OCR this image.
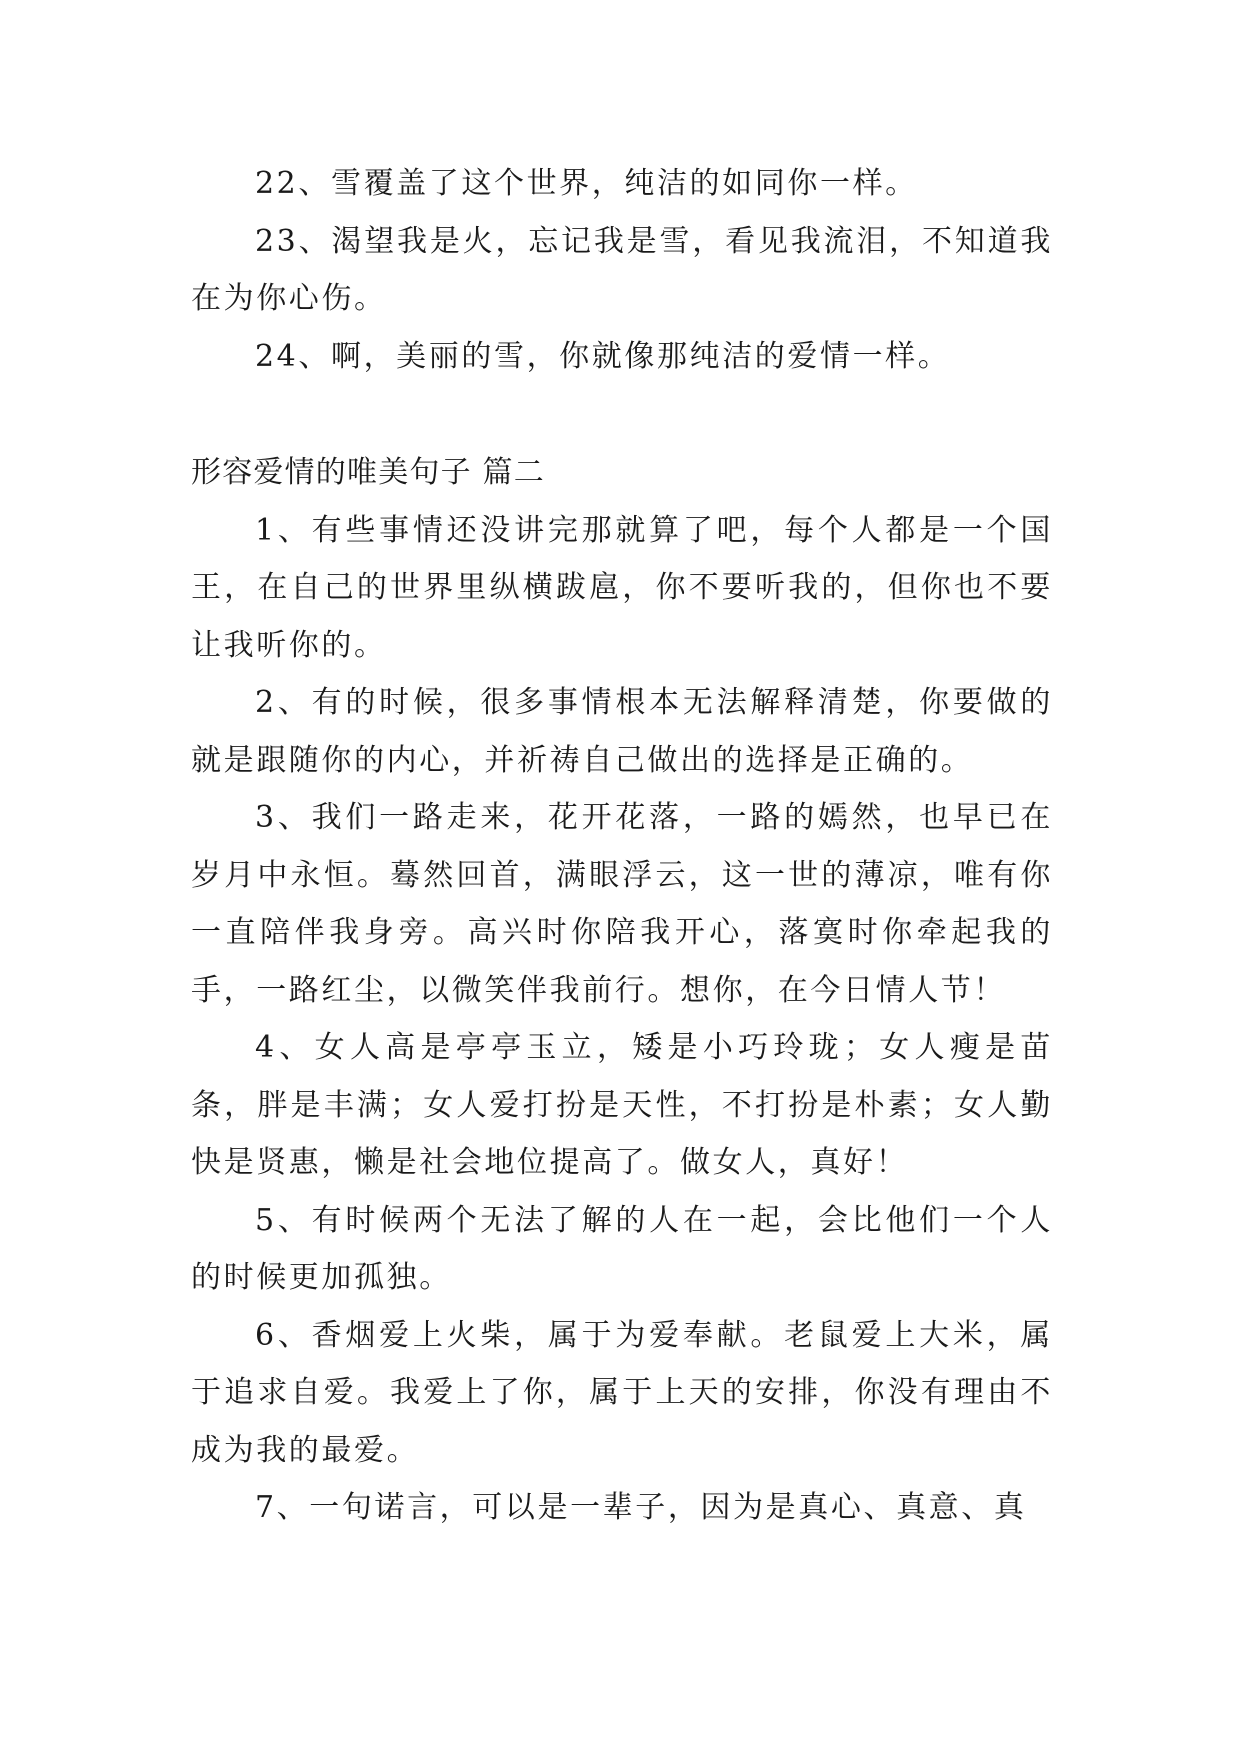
22、雪覆盖了这个世界，纯洁的如同你一样。

23、渴望我是火，忘记我是雪，看见我流泪，不知道我在为你心伤。

24、啊，美丽的雪，你就像那纯洁的爱情一样。

形容爱情的唯美句子 篇二

1、有些事情还没讲完那就算了吧，每个人都是一个国王，在自己的世界里纵横跋扈，你不要听我的，但你也不要让我听你的。

2、有的时候，很多事情根本无法解释清楚，你要做的就是跟随你的内心，并祈祷自己做出的选择是正确的。

3、我们一路走来，花开花落，一路的嫣然，也早已在岁月中永恒。蓦然回首，满眼浮云，这一世的薄凉，唯有你一直陪伴我身旁。高兴时你陪我开心，落寞时你牵起我的手，一路红尘，以微笑伴我前行。想你，在今日情人节！

4、女人高是亭亭玉立，矮是小巧玲珑；女人瘦是苗条，胖是丰满；女人爱打扮是天性，不打扮是朴素；女人勤快是贤惠，懒是社会地位提高了。做女人，真好！

5、有时候两个无法了解的人在一起，会比他们一个人的时候更加孤独。

6、香烟爱上火柴，属于为爱奉献。老鼠爱上大米，属于追求自爱。我爱上了你，属于上天的安排，你没有理由不成为我的最爱。

7、一句诺言，可以是一辈子，因为是真心、真意、真
